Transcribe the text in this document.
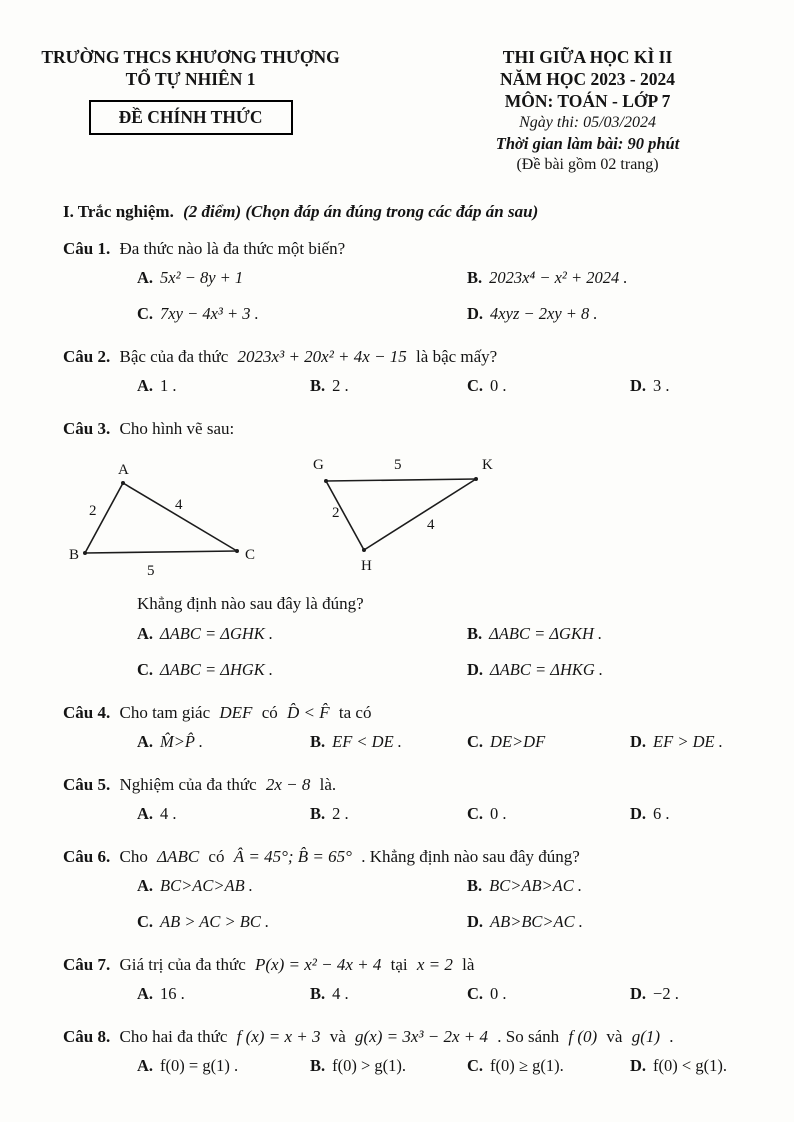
TRƯỜNG THCS KHƯƠNG THƯỢNG
TỔ TỰ NHIÊN 1
ĐỀ CHÍNH THỨC
THI GIỮA HỌC KÌ II
NĂM HỌC 2023 - 2024
MÔN: TOÁN - LỚP 7
Ngày thi: 05/03/2024
Thời gian làm bài: 90 phút
(Đề bài gồm 02 trang)
I. Trắc nghiệm. (2 điểm) (Chọn đáp án đúng trong các đáp án sau)
Câu 1. Đa thức nào là đa thức một biến?
A. 5x² − 8y + 1	B. 2023x⁴ − x² + 2024 .
C. 7xy − 4x³ + 3 .	D. 4xyz − 2xy + 8 .
Câu 2. Bậc của đa thức 2023x³ + 20x² + 4x − 15 là bậc mấy?
A. 1 .	B. 2 .	C. 0 .	D. 3 .
Câu 3. Cho hình vẽ sau:
A
B	C
2	4
5
G	K
H
5
2
4
Khẳng định nào sau đây là đúng?
A. ΔABC = ΔGHK .	B. ΔABC = ΔGKH .
C. ΔABC = ΔHGK .	D. ΔABC = ΔHKG .
Câu 4. Cho tam giác DEF có D̂ < F̂ ta có
A. M̂>P̂ .	B. EF < DE .	C. DE>DF	D. EF > DE .
Câu 5. Nghiệm của đa thức 2x − 8 là.
A. 4 .	B. 2 .	C. 0 .	D. 6 .
Câu 6. Cho ΔABC có Â = 45°; B̂ = 65° . Khẳng định nào sau đây đúng?
A. BC>AC>AB .	B. BC>AB>AC .
C. AB > AC > BC .	D. AB>BC>AC .
Câu 7. Giá trị của đa thức P(x) = x² − 4x + 4 tại x = 2 là
A. 16 .	B. 4 .	C. 0 .	D. −2 .
Câu 8. Cho hai đa thức f (x) = x + 3 và g(x) = 3x³ − 2x + 4 . So sánh f (0) và g(1) .
A. f(0) = g(1) .	B. f(0) > g(1).	C. f(0) ≥ g(1).	D. f(0) < g(1).
